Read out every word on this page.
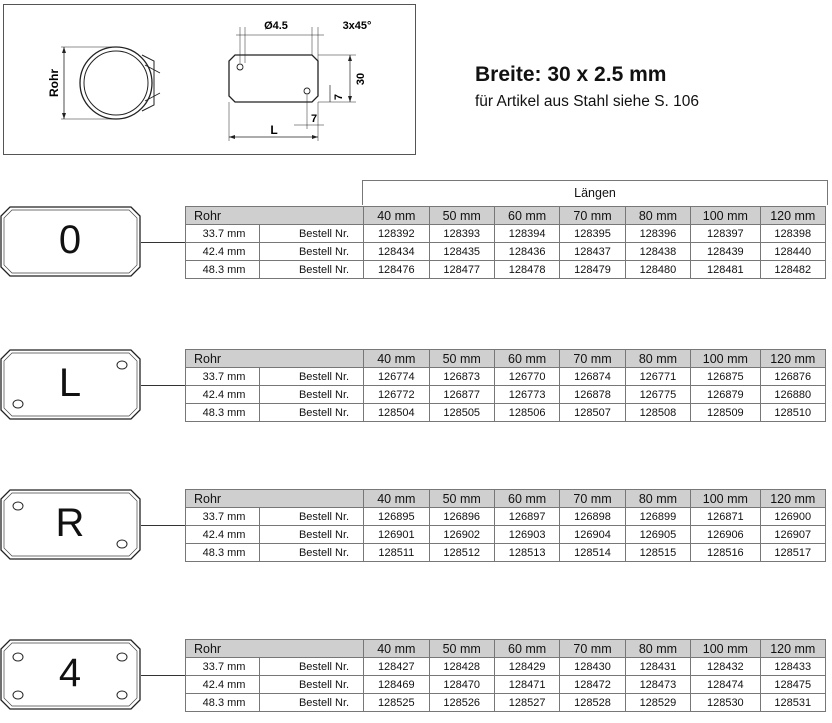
Rohr
Ø4.5	3x45°
30
7
L
7
Breite: 30 x 2.5 mm
für Artikel aus Stahl siehe S. 106
Längen
0
Rohr		40 mm	50 mm	60 mm	70 mm	80 mm	100 mm	120 mm
33.7 mm	Bestell Nr.	128392	128393	128394	128395	128396	128397	128398
42.4 mm	Bestell Nr.	128434	128435	128436	128437	128438	128439	128440
48.3 mm	Bestell Nr.	128476	128477	128478	128479	128480	128481	128482
L
Rohr		40 mm	50 mm	60 mm	70 mm	80 mm	100 mm	120 mm
33.7 mm	Bestell Nr.	126774	126873	126770	126874	126771	126875	126876
42.4 mm	Bestell Nr.	126772	126877	126773	126878	126775	126879	126880
48.3 mm	Bestell Nr.	128504	128505	128506	128507	128508	128509	128510
R
Rohr		40 mm	50 mm	60 mm	70 mm	80 mm	100 mm	120 mm
33.7 mm	Bestell Nr.	126895	126896	126897	126898	126899	126871	126900
42.4 mm	Bestell Nr.	126901	126902	126903	126904	126905	126906	126907
48.3 mm	Bestell Nr.	128511	128512	128513	128514	128515	128516	128517
4
Rohr		40 mm	50 mm	60 mm	70 mm	80 mm	100 mm	120 mm
33.7 mm	Bestell Nr.	128427	128428	128429	128430	128431	128432	128433
42.4 mm	Bestell Nr.	128469	128470	128471	128472	128473	128474	128475
48.3 mm	Bestell Nr.	128525	128526	128527	128528	128529	128530	128531
